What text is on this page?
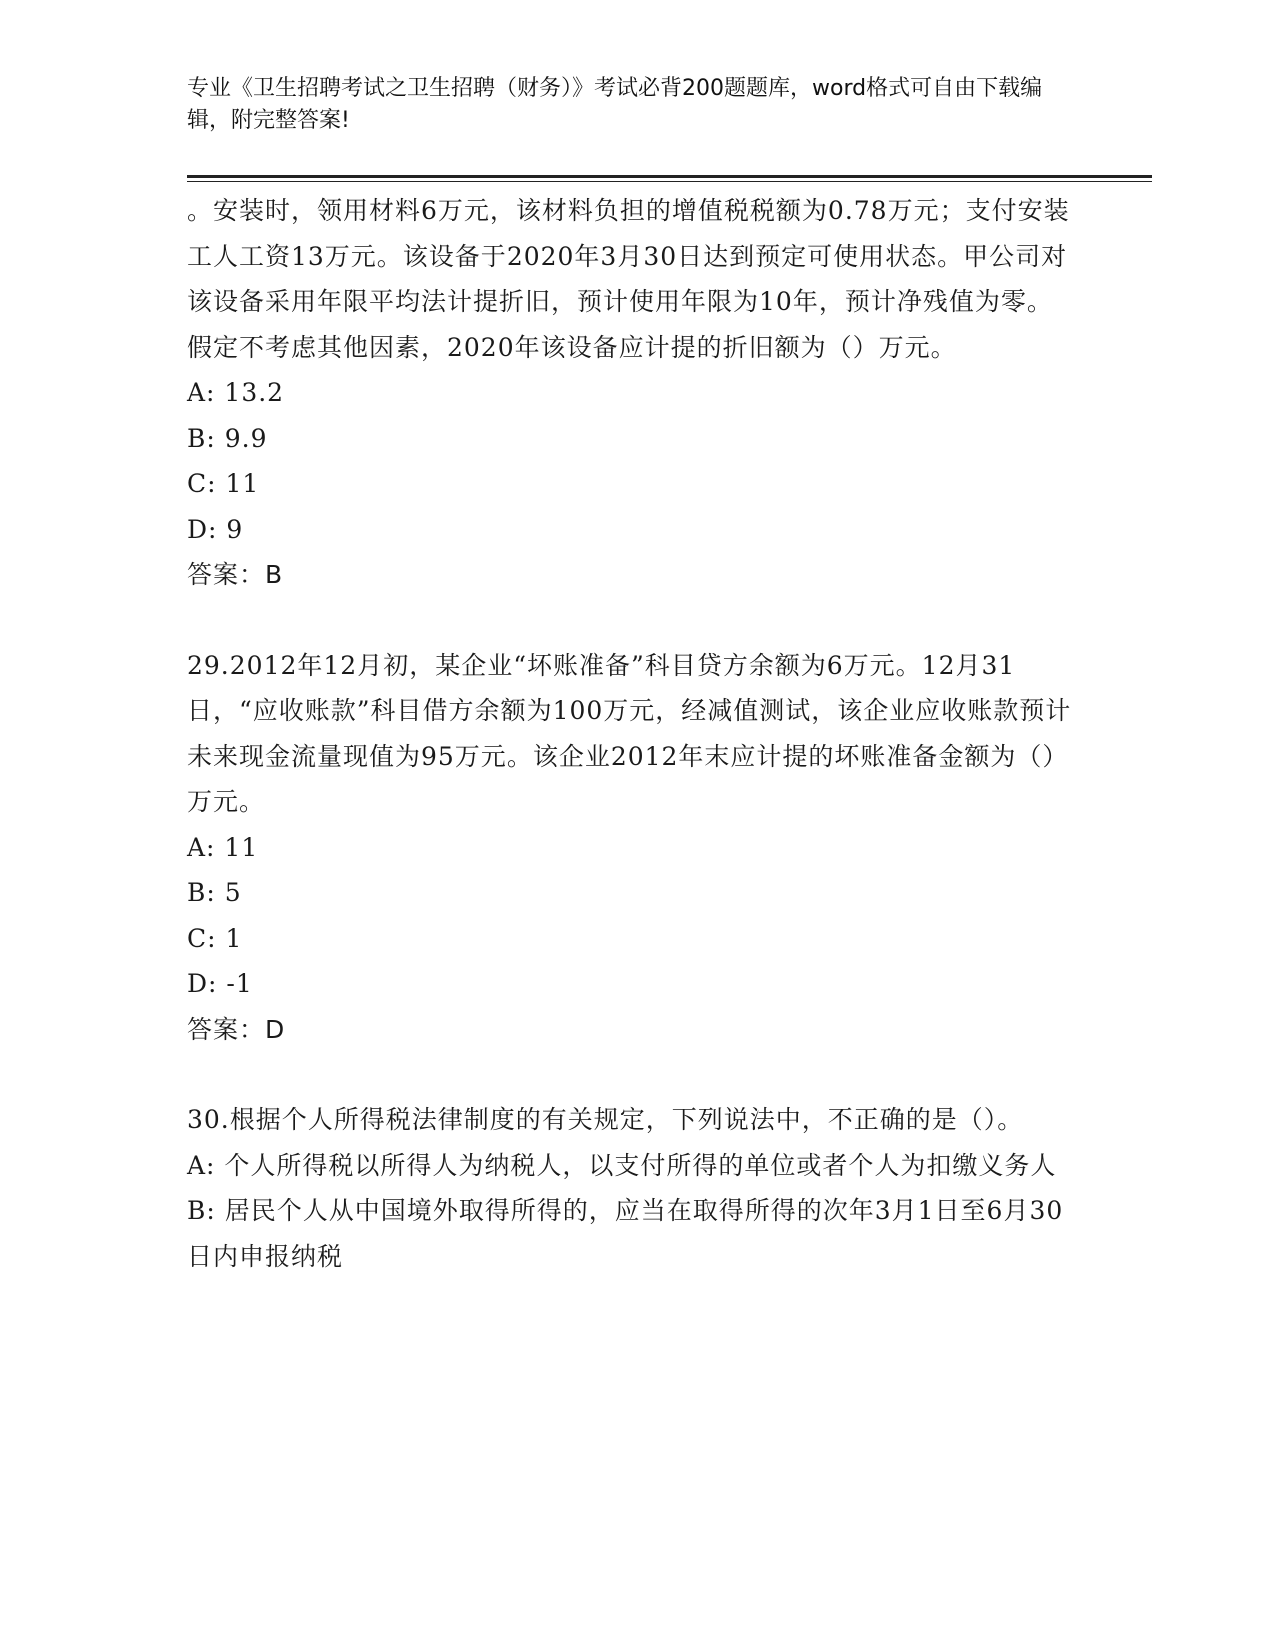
专业《卫生招聘考试之卫生招聘（财务）》考试必背200题题库，word格式可自由下载编辑，附完整答案!

。安装时，领用材料6万元，该材料负担的增值税税额为0.78万元；支付安装工人工资13万元。该设备于2020年3月30日达到预定可使用状态。甲公司对该设备采用年限平均法计提折旧，预计使用年限为10年，预计净残值为零。假定不考虑其他因素，2020年该设备应计提的折旧额为（）万元。

A: 13.2

B: 9.9

C: 11

D: 9

答案：B

29.2012年12月初，某企业“坏账准备”科目贷方余额为6万元。12月31日，“应收账款”科目借方余额为100万元，经减值测试，该企业应收账款预计未来现金流量现值为95万元。该企业2012年末应计提的坏账准备金额为（）万元。

A: 11

B: 5

C: 1

D: -1

答案：D

30.根据个人所得税法律制度的有关规定，下列说法中，不正确的是（）。

A: 个人所得税以所得人为纳税人，以支付所得的单位或者个人为扣缴义务人

B: 居民个人从中国境外取得所得的，应当在取得所得的次年3月1日至6月30日内申报纳税
